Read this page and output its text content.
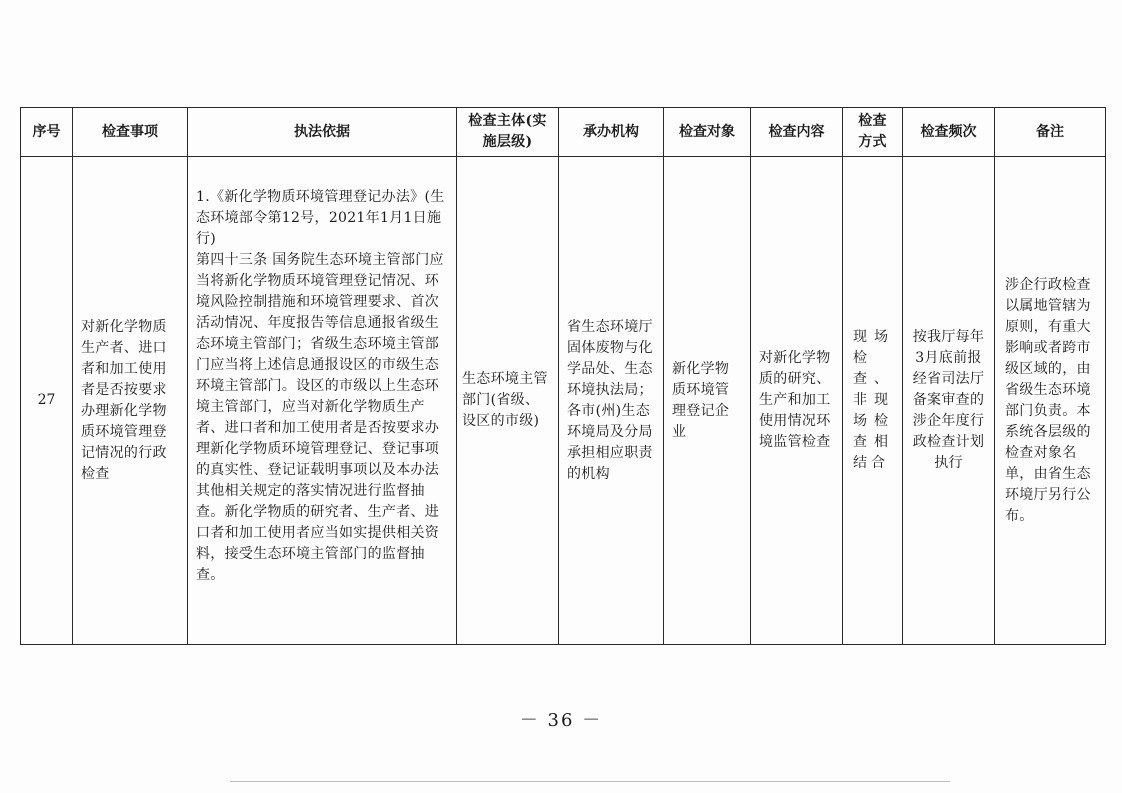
序号	检查事项	执法依据	检查主体(实施层级)	承办机构	检查对象	检查内容	检查方式	检查频次	备注
27	对新化学物质生产者、进口者和加工使用者是否按要求办理新化学物质环境管理登记情况的行政检查	1.《新化学物质环境管理登记办法》(生态环境部令第12号，2021年1月1日施行)
第四十三条 国务院生态环境主管部门应当将新化学物质环境管理登记情况、环境风险控制措施和环境管理要求、首次活动情况、年度报告等信息通报省级生态环境主管部门；省级生态环境主管部门应当将上述信息通报设区的市级生态环境主管部门。设区的市级以上生态环境主管部门，应当对新化学物质生产者、进口者和加工使用者是否按要求办理新化学物质环境管理登记、登记事项的真实性、登记证载明事项以及本办法其他相关规定的落实情况进行监督抽查。新化学物质的研究者、生产者、进口者和加工使用者应当如实提供相关资料，接受生态环境主管部门的监督抽查。	生态环境主管部门(省级、设区的市级)	省生态环境厅固体废物与化学品处、生态环境执法局；各市(州)生态环境局及分局承担相应职责的机构	新化学物质环境管理登记企业	对新化学物质的研究、生产和加工使用情况环境监管检查	现场检查、非现场检查相结合	按我厅每年3月底前报经省司法厅备案审查的涉企年度行政检查计划执行	涉企行政检查以属地管辖为原则，有重大影响或者跨市级区域的，由省级生态环境部门负责。本系统各层级的检查对象名单，由省生态环境厅另行公布。
－ 36 －
